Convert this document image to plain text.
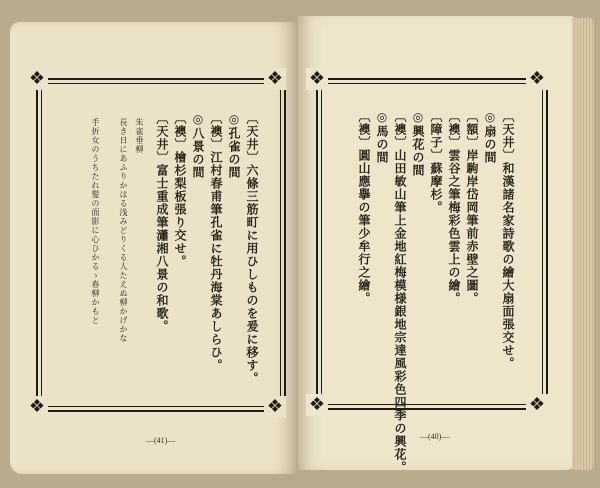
❖	❖
❖	❖
❖	❖
❖	❖
〔天井〕和漢諸名家詩歌の繪大扇面張交せ。
◎扇の間
〔額〕岸駒岸岱岡筆前赤壁之圖。
〔襖〕雲谷之筆梅彩色雲上の繪。
〔障子〕蘇摩杉。
◎興花の間
〔襖〕山田敏山筆上金地紅梅模様銀地宗達風彩色四季の興花。
◎馬の間
〔襖〕圓山應擧の筆少牟行之繪。
〔天井〕六條三筋町に用ひしものを爰に移す。
◎孔雀の間
〔襖〕江村春甫筆孔雀に牡丹海棠あしらひ。
◎八景の間
〔襖〕檜杉梨板張り交せ。
〔天井〕富士重成筆瀟湘八景の和歌。
朱雀垂柳
長き日にあふりかはる浅みどりくる人たえぬ柳かげかな
手折女のうちたれ髪の面影に心ひかるゝ春柳かもと
—(41)—	—(40)—
